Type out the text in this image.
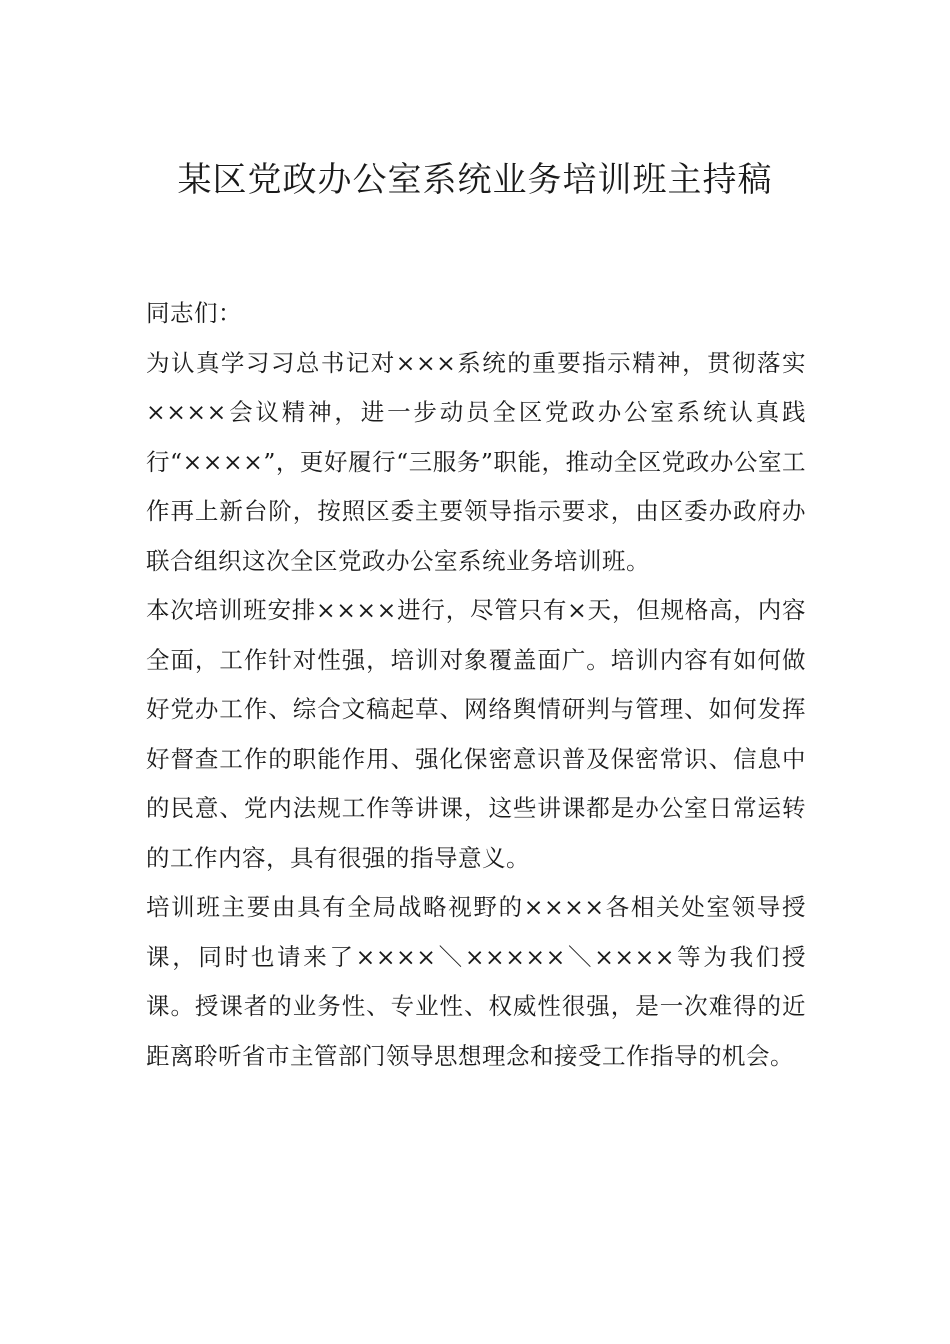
某区党政办公室系统业务培训班主持稿

同志们：

为认真学习习总书记对×××系统的重要指示精神，贯彻落实××××会议精神，进一步动员全区党政办公室系统认真践行“××××”，更好履行“三服务”职能，推动全区党政办公室工作再上新台阶，按照区委主要领导指示要求，由区委办政府办联合组织这次全区党政办公室系统业务培训班。

本次培训班安排××××进行，尽管只有×天，但规格高，内容全面，工作针对性强，培训对象覆盖面广。培训内容有如何做好党办工作、综合文稿起草、网络舆情研判与管理、如何发挥好督查工作的职能作用、强化保密意识普及保密常识、信息中的民意、党内法规工作等讲课，这些讲课都是办公室日常运转的工作内容，具有很强的指导意义。

培训班主要由具有全局战略视野的××××各相关处室领导授课，同时也请来了××××＼×××××＼××××等为我们授课。授课者的业务性、专业性、权威性很强，是一次难得的近距离聆听省市主管部门领导思想理念和接受工作指导的机会。
